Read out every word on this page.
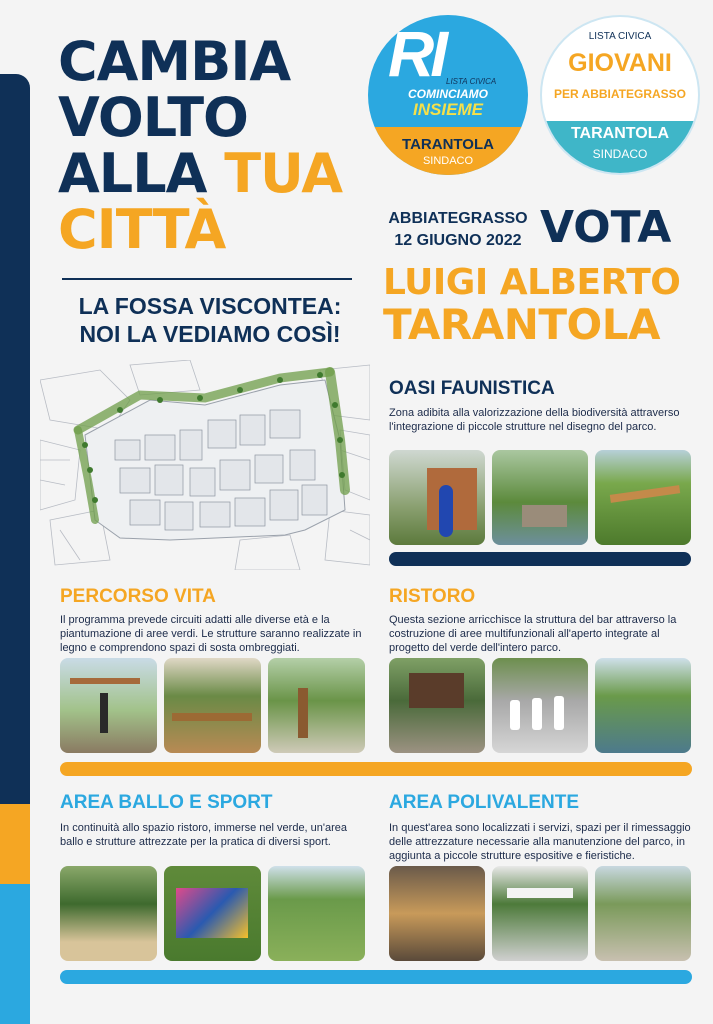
CAMBIA
VOLTO
ALLA TUA
CITTÀ
LA FOSSA VISCONTEA:
NOI LA VEDIAMO COSÌ!
RI LISTA CIVICA
COMINCIAMO
INSIEME
TARANTOLA
SINDACO
LISTA CIVICA
GIOVANI
PER ABBIATEGRASSO
TARANTOLA
SINDACO
ABBIATEGRASSO
12 GIUGNO 2022 VOTA
LUIGI ALBERTO
TARANTOLA
OASI FAUNISTICA
Zona adibita alla valorizzazione della biodiversità attraverso l'integrazione di piccole strutture nel disegno del parco.
PERCORSO VITA
Il programma prevede circuiti adatti alle diverse età e la piantumazione di aree verdi. Le strutture saranno realizzate in legno e comprendono spazi di sosta ombreggiati.
RISTORO
Questa sezione arricchisce la struttura del bar attraverso la costruzione di aree multifunzionali all'aperto integrate al progetto del verde dell'intero parco.
AREA BALLO E SPORT
In continuità allo spazio ristoro, immerse nel verde, un'area ballo e strutture attrezzate per la pratica di diversi sport.
AREA POLIVALENTE
In quest'area sono localizzati i servizi, spazi per il rimessaggio delle attrezzature necessarie alla manutenzione del parco, in aggiunta a piccole strutture espositive e fieristiche.
